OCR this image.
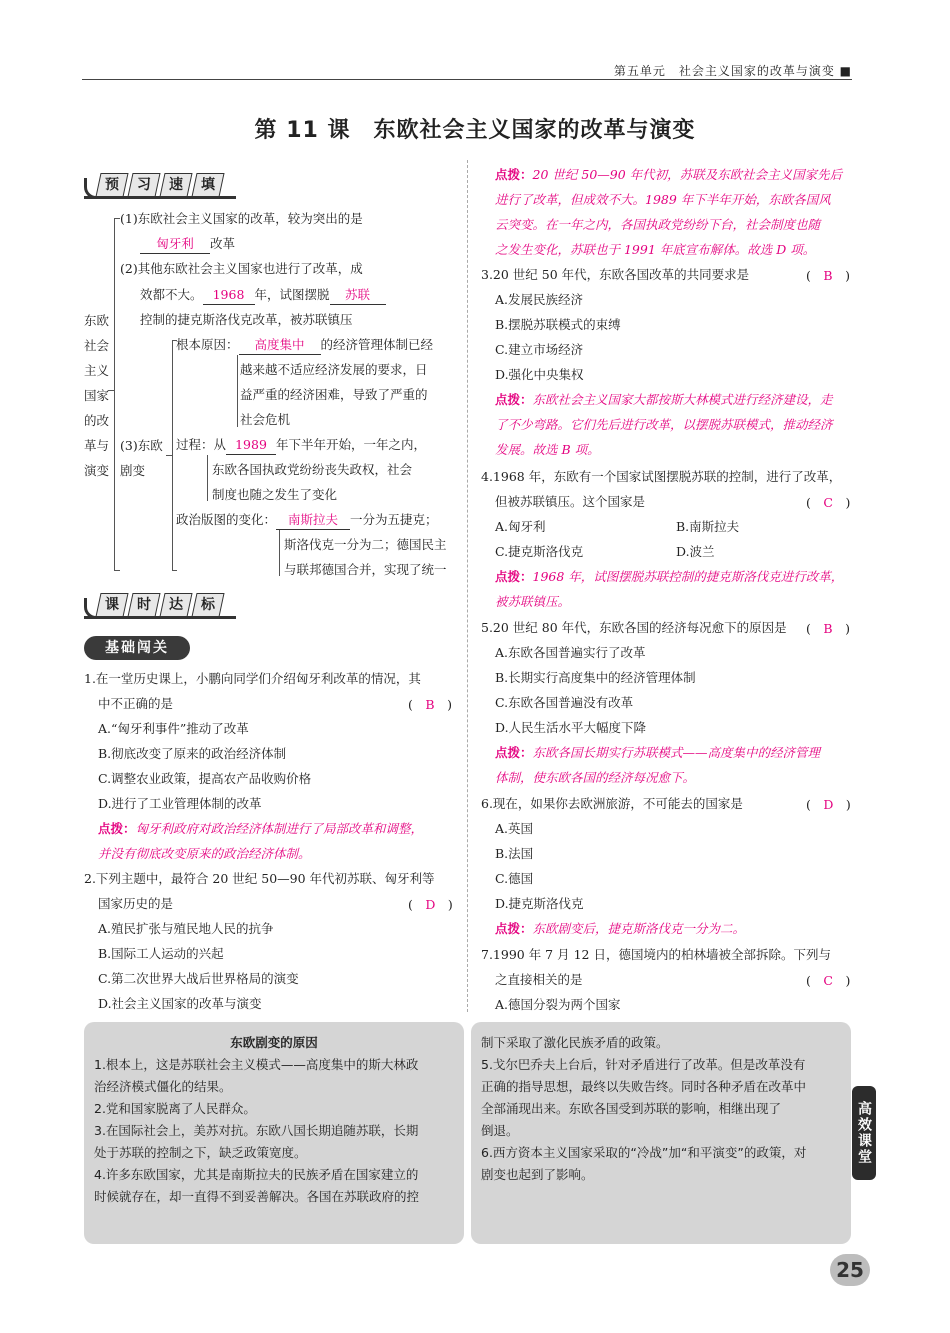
第五单元　社会主义国家的改革与演变 ■
第 11 课　东欧社会主义国家的改革与演变
预	习	速	填
东欧
社会
主义
国家
的改
革与
演变
(1)东欧社会主义国家的改革，较为突出的是
匈牙利 改革
(2)其他东欧社会主义国家也进行了改革，成
效都不大。 1968 年，试图摆脱 苏联
控制的捷克斯洛伐克改革，被苏联镇压
(3)东欧
剧变
根本原因： 高度集中 的经济管理体制已经
越来越不适应经济发展的要求，日
益严重的经济困难，导致了严重的
社会危机
过程：从 1989 年下半年开始，一年之内，
东欧各国执政党纷纷丧失政权，社会
制度也随之发生了变化
政治版图的变化： 南斯拉夫 一分为五捷克；
斯洛伐克一分为二；德国民主
与联邦德国合并，实现了统一
课	时	达	标
基础闯关
1.在一堂历史课上，小鹏向同学们介绍匈牙利改革的情况，其
中不正确的是	(　B　)
A.“匈牙利事件”推动了改革
B.彻底改变了原来的政治经济体制
C.调整农业政策，提高农产品收购价格
D.进行了工业管理体制的改革
点拨：匈牙利政府对政治经济体制进行了局部改革和调整，
并没有彻底改变原来的政治经济体制。
2.下列主题中，最符合 20 世纪 50—90 年代初苏联、匈牙利等
国家历史的是	(　D　)
A.殖民扩张与殖民地人民的抗争
B.国际工人运动的兴起
C.第二次世界大战后世界格局的演变
D.社会主义国家的改革与演变
点拨：20 世纪 50—90 年代初，苏联及东欧社会主义国家先后
进行了改革，但成效不大。1989 年下半年开始，东欧各国风
云突变。在一年之内，各国执政党纷纷下台，社会制度也随
之发生变化，苏联也于 1991 年底宣布解体。故选 D 项。
3.20 世纪 50 年代，东欧各国改革的共同要求是	(　B　)
A.发展民族经济
B.摆脱苏联模式的束缚
C.建立市场经济
D.强化中央集权
点拨：东欧社会主义国家大都按斯大林模式进行经济建设，走
了不少弯路。它们先后进行改革，以摆脱苏联模式，推动经济
发展。故选 B 项。
4.1968 年，东欧有一个国家试图摆脱苏联的控制，进行了改革，
但被苏联镇压。这个国家是	(　C　)
A.匈牙利	B.南斯拉夫
C.捷克斯洛伐克	D.波兰
点拨：1968 年，试图摆脱苏联控制的捷克斯洛伐克进行改革，
被苏联镇压。
5.20 世纪 80 年代，东欧各国的经济每况愈下的原因是 (　B　)
A.东欧各国普遍实行了改革
B.长期实行高度集中的经济管理体制
C.东欧各国普遍没有改革
D.人民生活水平大幅度下降
点拨：东欧各国长期实行苏联模式——高度集中的经济管理
体制，使东欧各国的经济每况愈下。
6.现在，如果你去欧洲旅游，不可能去的国家是	(　D　)
A.英国
B.法国
C.德国
D.捷克斯洛伐克
点拨：东欧剧变后，捷克斯洛伐克一分为二。
7.1990 年 7 月 12 日，德国境内的柏林墙被全部拆除。下列与
之直接相关的是	(　C　)
A.德国分裂为两个国家
东欧剧变的原因
1.根本上，这是苏联社会主义模式——高度集中的斯大林政
治经济模式僵化的结果。
2.党和国家脱离了人民群众。
3.在国际社会上，美苏对抗。东欧八国长期追随苏联，长期
处于苏联的控制之下，缺乏政策宽度。
4.许多东欧国家，尤其是南斯拉夫的民族矛盾在国家建立的
时候就存在，却一直得不到妥善解决。各国在苏联政府的控
制下采取了激化民族矛盾的政策。
5.戈尔巴乔夫上台后，针对矛盾进行了改革。但是改革没有
正确的指导思想，最终以失败告终。同时各种矛盾在改革中
全部涌现出来。东欧各国受到苏联的影响，相继出现了
倒退。
6.西方资本主义国家采取的“冷战”加“和平演变”的政策，对
剧变也起到了影响。
高效课堂
25
